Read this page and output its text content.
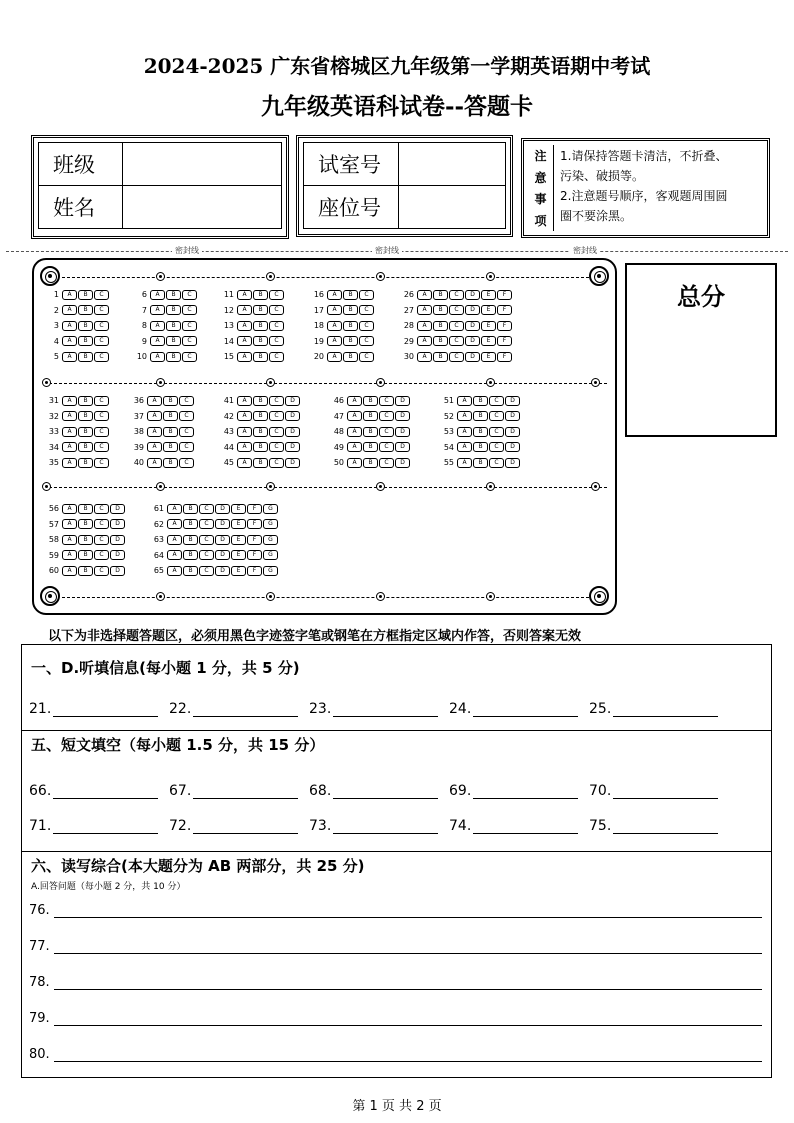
2024-2025 广东省榕城区九年级第一学期英语期中考试
九年级英语科试卷--答题卡
班级	
姓名	
试室号	
座位号	
注
意
事
项
1.请保持答题卡清洁，不折叠、
污染、破损等。
2.注意题号顺序，客观题周围圆
圈不要涂黑。
密封线	密封线	密封线
1	A	B	C
2	A	B	C
3	A	B	C
4	A	B	C
5	A	B	C
6	A	B	C
7	A	B	C
8	A	B	C
9	A	B	C
10	A	B	C
11	A	B	C
12	A	B	C
13	A	B	C
14	A	B	C
15	A	B	C
16	A	B	C
17	A	B	C
18	A	B	C
19	A	B	C
20	A	B	C
26	A	B	C	D	E	F
27	A	B	C	D	E	F
28	A	B	C	D	E	F
29	A	B	C	D	E	F
30	A	B	C	D	E	F
31	A	B	C
32	A	B	C
33	A	B	C
34	A	B	C
35	A	B	C
36	A	B	C
37	A	B	C
38	A	B	C
39	A	B	C
40	A	B	C
41	A	B	C	D
42	A	B	C	D
43	A	B	C	D
44	A	B	C	D
45	A	B	C	D
46	A	B	C	D
47	A	B	C	D
48	A	B	C	D
49	A	B	C	D
50	A	B	C	D
51	A	B	C	D
52	A	B	C	D
53	A	B	C	D
54	A	B	C	D
55	A	B	C	D
56	A	B	C	D
57	A	B	C	D
58	A	B	C	D
59	A	B	C	D
60	A	B	C	D
61	A	B	C	D	E	F	G
62	A	B	C	D	E	F	G
63	A	B	C	D	E	F	G
64	A	B	C	D	E	F	G
65	A	B	C	D	E	F	G
总分
以下为非选择题答题区，必须用黑色字迹签字笔或钢笔在方框指定区域内作答，否则答案无效
一、D.听填信息(每小题 1 分，共 5 分)
21.	22.	23.	24.	25.
五、短文填空（每小题 1.5 分，共 15 分）
66.	67.	68.	69.	70.
71.	72.	73.	74.	75.
六、读写综合(本大题分为 AB 两部分，共 25 分)
A.回答问题（每小题 2 分，共 10 分）
76.
77.
78.
79.
80.
第 1 页 共 2 页
